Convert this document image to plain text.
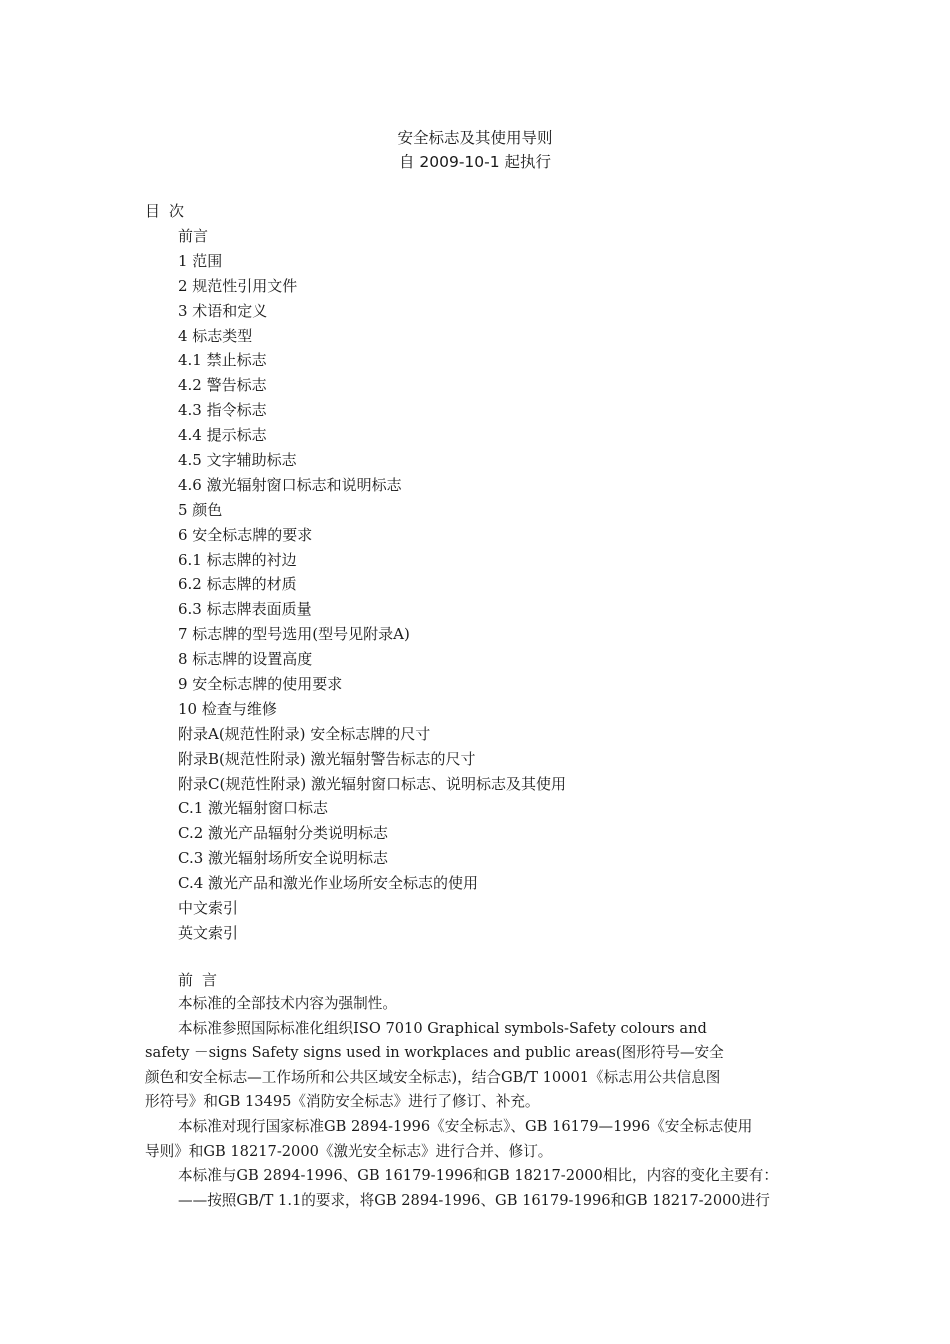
安全标志及其使用导则
自 2009-10-1 起执行
目次
前言
1 范围
2 规范性引用文件
3 术语和定义
4 标志类型
4.1 禁止标志
4.2 警告标志
4.3 指令标志
4.4 提示标志
4.5 文字辅助标志
4.6 激光辐射窗口标志和说明标志
5 颜色
6 安全标志牌的要求
6.1 标志牌的衬边
6.2 标志牌的材质
6.3 标志牌表面质量
7 标志牌的型号选用(型号见附录A)
8 标志牌的设置高度
9 安全标志牌的使用要求
10 检查与维修
附录A(规范性附录) 安全标志牌的尺寸
附录B(规范性附录) 激光辐射警告标志的尺寸
附录C(规范性附录) 激光辐射窗口标志、说明标志及其使用
C.1 激光辐射窗口标志
C.2 激光产品辐射分类说明标志
C.3 激光辐射场所安全说明标志
C.4 激光产品和激光作业场所安全标志的使用
中文索引
英文索引
前言

本标准的全部技术内容为强制性。

本标准参照国际标准化组织ISO 7010 Graphical symbols-Safety colours and
safety －signs Safety signs used in workplaces and public areas(图形符号—安全
颜色和安全标志—工作场所和公共区域安全标志)，结合GB/T 10001《标志用公共信息图
形符号》和GB 13495《消防安全标志》进行了修订、补充。

本标准对现行国家标准GB 2894-1996《安全标志》、GB 16179—1996《安全标志使用
导则》和GB 18217-2000《激光安全标志》进行合并、修订。

本标准与GB 2894-1996、GB 16179-1996和GB 18217-2000相比，内容的变化主要有：

——按照GB/T 1.1的要求，将GB 2894-1996、GB 16179-1996和GB 18217-2000进行
